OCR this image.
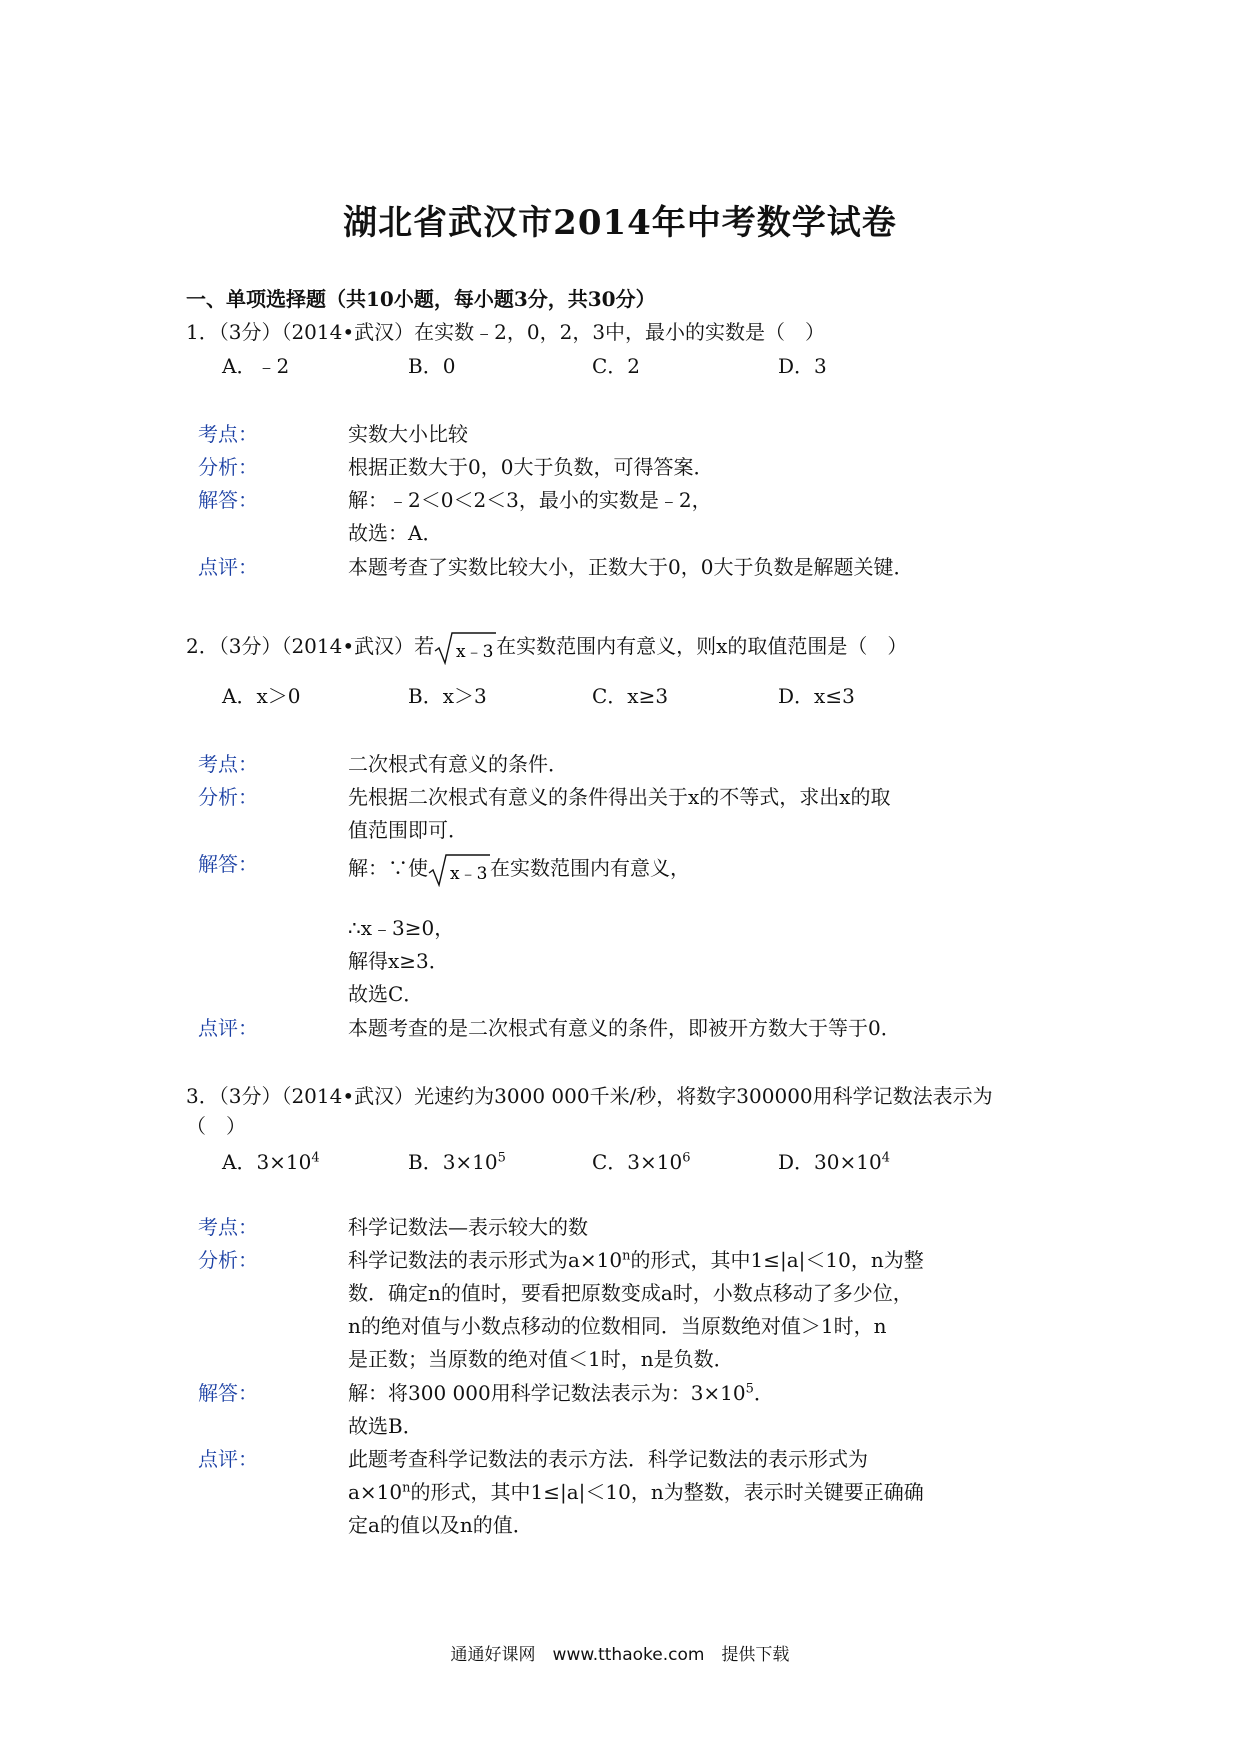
湖北省武汉市2014年中考数学试卷
一、单项选择题（共10小题，每小题3分，共30分）
1．（3分）（2014•武汉）在实数﹣2，0，2，3中，最小的实数是（　）
A．﹣2	B．0	C．2	D．3
考点：	实数大小比较
分析：	根据正数大于0，0大于负数，可得答案．
解答：	解：﹣2＜0＜2＜3，最小的实数是﹣2，
故选：A．
点评：	本题考查了实数比较大小，正数大于0，0大于负数是解题关键．
2．（3分）（2014•武汉）若 x﹣3 在实数范围内有意义，则x的取值范围是（　）
A．x＞0	B．x＞3	C．x≥3	D．x≤3
考点：	二次根式有意义的条件．
分析：	先根据二次根式有意义的条件得出关于x的不等式，求出x的取
值范围即可．
解答：	解：∵使 x﹣3 在实数范围内有意义，
∴x﹣3≥0，
解得x≥3．
故选C．
点评：	本题考查的是二次根式有意义的条件，即被开方数大于等于0．
3．（3分）（2014•武汉）光速约为3000 000千米/秒，将数字300000用科学记数法表示为
（　）
A．$3\times 10^4$	B．$3\times 10^5$	C．$3\times 10^6$	D．$30\times 10^4$
考点：	科学记数法—表示较大的数
分析：	科学记数法的表示形式为$a\times 10^n$的形式，其中1≤|a|＜10，n为整
数．确定n的值时，要看把原数变成a时，小数点移动了多少位，
n的绝对值与小数点移动的位数相同．当原数绝对值＞1时，n
是正数；当原数的绝对值＜1时，n是负数．
解答：	解：将300 000用科学记数法表示为：$3\times 10^5$．
故选B．
点评：	此题考查科学记数法的表示方法．科学记数法的表示形式为
$a\times 10^n$的形式，其中1≤|a|＜10，n为整数，表示时关键要正确确
定a的值以及n的值．
通通好课网　www.tthaoke.com　提供下载
